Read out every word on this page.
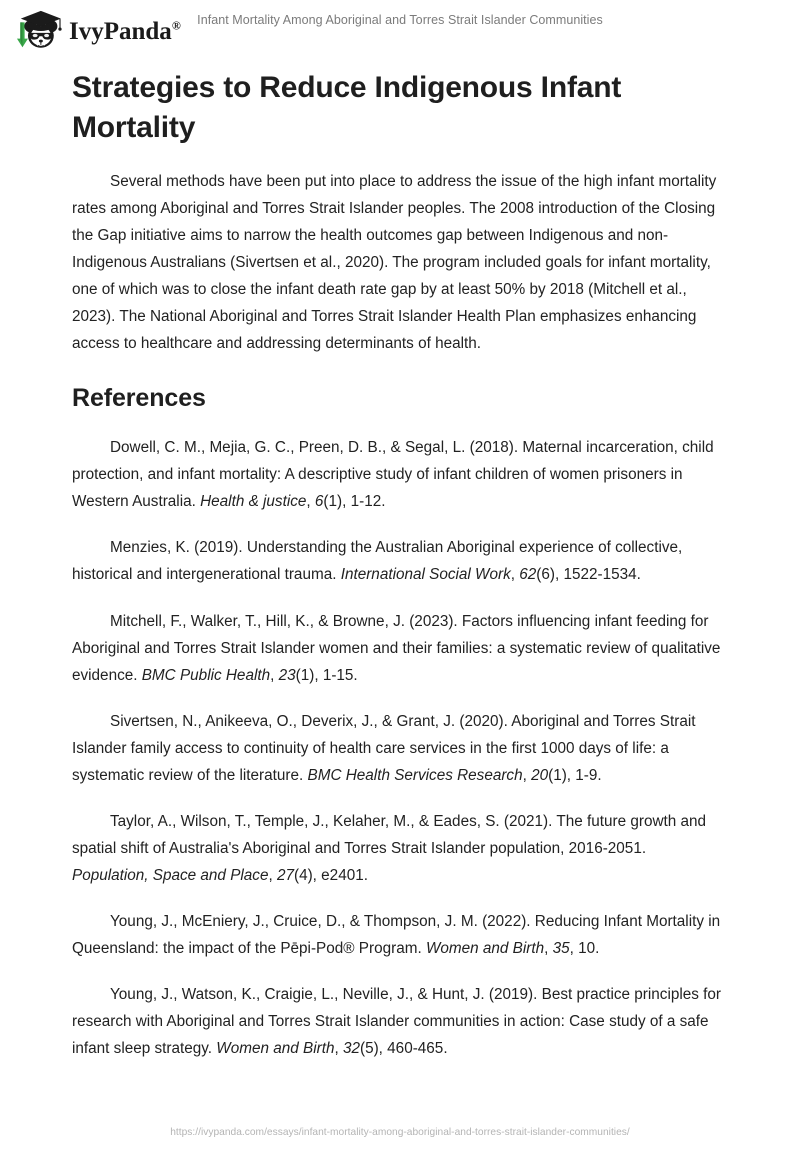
IvyPanda®	Infant Mortality Among Aboriginal and Torres Strait Islander Communities
Strategies to Reduce Indigenous Infant Mortality

Several methods have been put into place to address the issue of the high infant mortality rates among Aboriginal and Torres Strait Islander peoples. The 2008 introduction of the Closing the Gap initiative aims to narrow the health outcomes gap between Indigenous and non-Indigenous Australians (Sivertsen et al., 2020). The program included goals for infant mortality, one of which was to close the infant death rate gap by at least 50% by 2018 (Mitchell et al., 2023). The National Aboriginal and Torres Strait Islander Health Plan emphasizes enhancing access to healthcare and addressing determinants of health.

References
Dowell, C. M., Mejia, G. C., Preen, D. B., & Segal, L. (2018). Maternal incarceration, child protection, and infant mortality: A descriptive study of infant children of women prisoners in Western Australia. Health & justice, 6(1), 1-12.
Menzies, K. (2019). Understanding the Australian Aboriginal experience of collective, historical and intergenerational trauma. International Social Work, 62(6), 1522-1534.
Mitchell, F., Walker, T., Hill, K., & Browne, J. (2023). Factors influencing infant feeding for Aboriginal and Torres Strait Islander women and their families: a systematic review of qualitative evidence. BMC Public Health, 23(1), 1-15.
Sivertsen, N., Anikeeva, O., Deverix, J., & Grant, J. (2020). Aboriginal and Torres Strait Islander family access to continuity of health care services in the first 1000 days of life: a systematic review of the literature. BMC Health Services Research, 20(1), 1-9.
Taylor, A., Wilson, T., Temple, J., Kelaher, M., & Eades, S. (2021). The future growth and spatial shift of Australia's Aboriginal and Torres Strait Islander population, 2016-2051. Population, Space and Place, 27(4), e2401.
Young, J., McEniery, J., Cruice, D., & Thompson, J. M. (2022). Reducing Infant Mortality in Queensland: the impact of the Pēpi-Pod® Program. Women and Birth, 35, 10.
Young, J., Watson, K., Craigie, L., Neville, J., & Hunt, J. (2019). Best practice principles for research with Aboriginal and Torres Strait Islander communities in action: Case study of a safe infant sleep strategy. Women and Birth, 32(5), 460-465.
https://ivypanda.com/essays/infant-mortality-among-aboriginal-and-torres-strait-islander-communities/
